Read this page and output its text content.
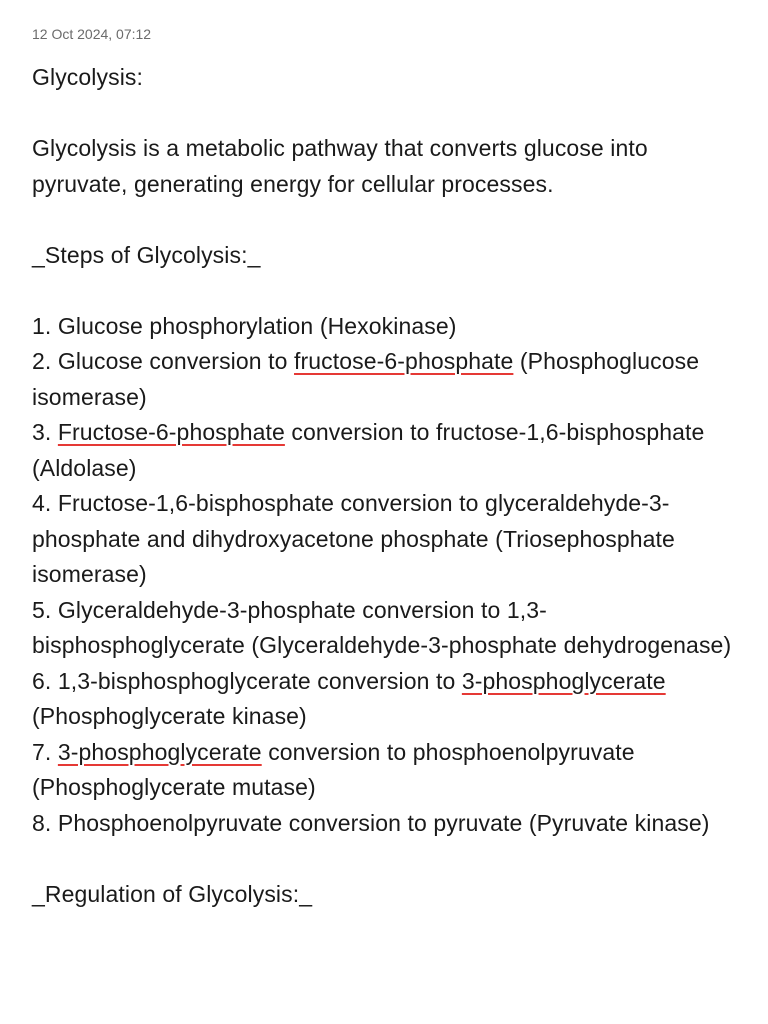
12 Oct 2024, 07:12
Glycolysis:
Glycolysis is a metabolic pathway that converts glucose into pyruvate, generating energy for cellular processes.
_Steps of Glycolysis:_
1. Glucose phosphorylation (Hexokinase)
2. Glucose conversion to fructose-6-phosphate (Phosphoglucose isomerase)
3. Fructose-6-phosphate conversion to fructose-1,6-bisphosphate (Aldolase)
4. Fructose-1,6-bisphosphate conversion to glyceraldehyde-3-phosphate and dihydroxyacetone phosphate (Triosephosphate isomerase)
5. Glyceraldehyde-3-phosphate conversion to 1,3-bisphosphoglycerate (Glyceraldehyde-3-phosphate dehydrogenase)
6. 1,3-bisphosphoglycerate conversion to 3-phosphoglycerate (Phosphoglycerate kinase)
7. 3-phosphoglycerate conversion to phosphoenolpyruvate (Phosphoglycerate mutase)
8. Phosphoenolpyruvate conversion to pyruvate (Pyruvate kinase)
_Regulation of Glycolysis:_
